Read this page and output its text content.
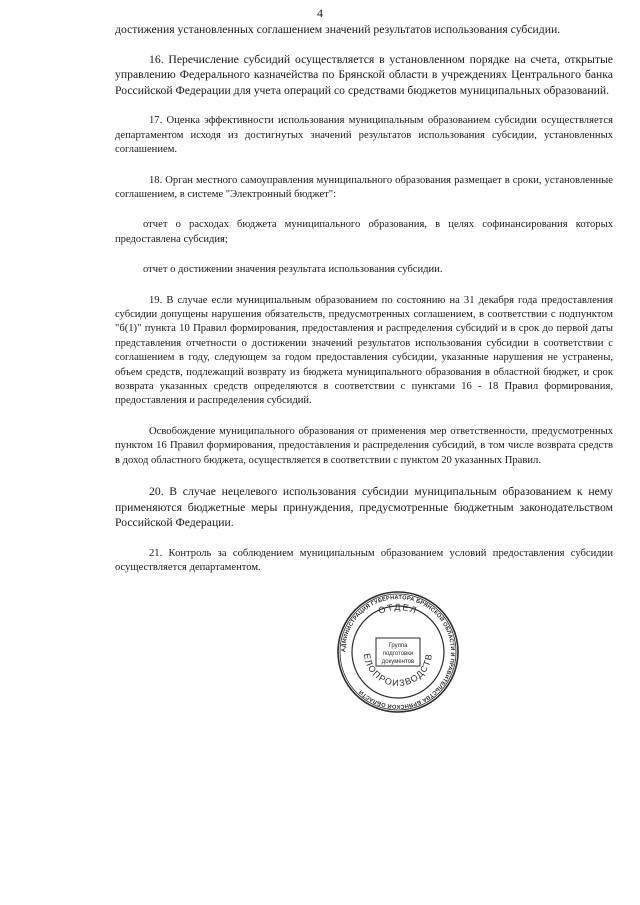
4

достижения установленных соглашением значений результатов использования субсидии.

16. Перечисление субсидий осуществляется в установленном порядке на счета, открытые управлению Федерального казначейства по Брянской области в учреждениях Центрального банка Российской Федерации для учета операций со средствами бюджетов муниципальных образований.

17. Оценка эффективности использования муниципальным образованием субсидии осуществляется департаментом исходя из достигнутых значений результатов использования субсидии, установленных соглашением.

18. Орган местного самоуправления муниципального образования размещает в сроки, установленные соглашением, в системе "Электронный бюджет":

отчет о расходах бюджета муниципального образования, в целях софинансирования которых предоставлена субсидия;

отчет о достижении значения результата использования субсидии.

19. В случае если муниципальным образованием по состоянию на 31 декабря года предоставления субсидии допущены нарушения обязательств, предусмотренных соглашением, в соответствии с подпунктом "б(1)" пункта 10 Правил формирования, предоставления и распределения субсидий и в срок до первой даты представления отчетности о достижении значений результатов использования субсидии в соответствии с соглашением в году, следующем за годом предоставления субсидии, указанные нарушения не устранены, объем средств, подлежащий возврату из бюджета муниципального образования в областной бюджет, и срок возврата указанных средств определяются в соответствии с пунктами 16 - 18 Правил формирования, предоставления и распределения субсидий.

Освобождение муниципального образования от применения мер ответственности, предусмотренных пунктом 16 Правил формирования, предоставления и распределения субсидий, в том числе возврата средств в доход областного бюджета, осуществляется в соответствии с пунктом 20 указанных Правил.

20. В случае нецелевого использования субсидии муниципальным образованием к нему применяются бюджетные меры принуждения, предусмотренные бюджетным законодательством Российской Федерации.

21. Контроль за соблюдением муниципальным образованием условий предоставления субсидии осуществляется департаментом.

АДМИНИСТРАЦИЯ ГУБЕРНАТОРА БРЯНСКОЙ ОБЛАСТИ И ПРАВИТЕЛЬСТВА БРЯНСКОЙ ОБЛАСТИ
ОТДЕЛ
ЕЛОПРОИЗВОДСТВ
Группа
подготовки
документов
